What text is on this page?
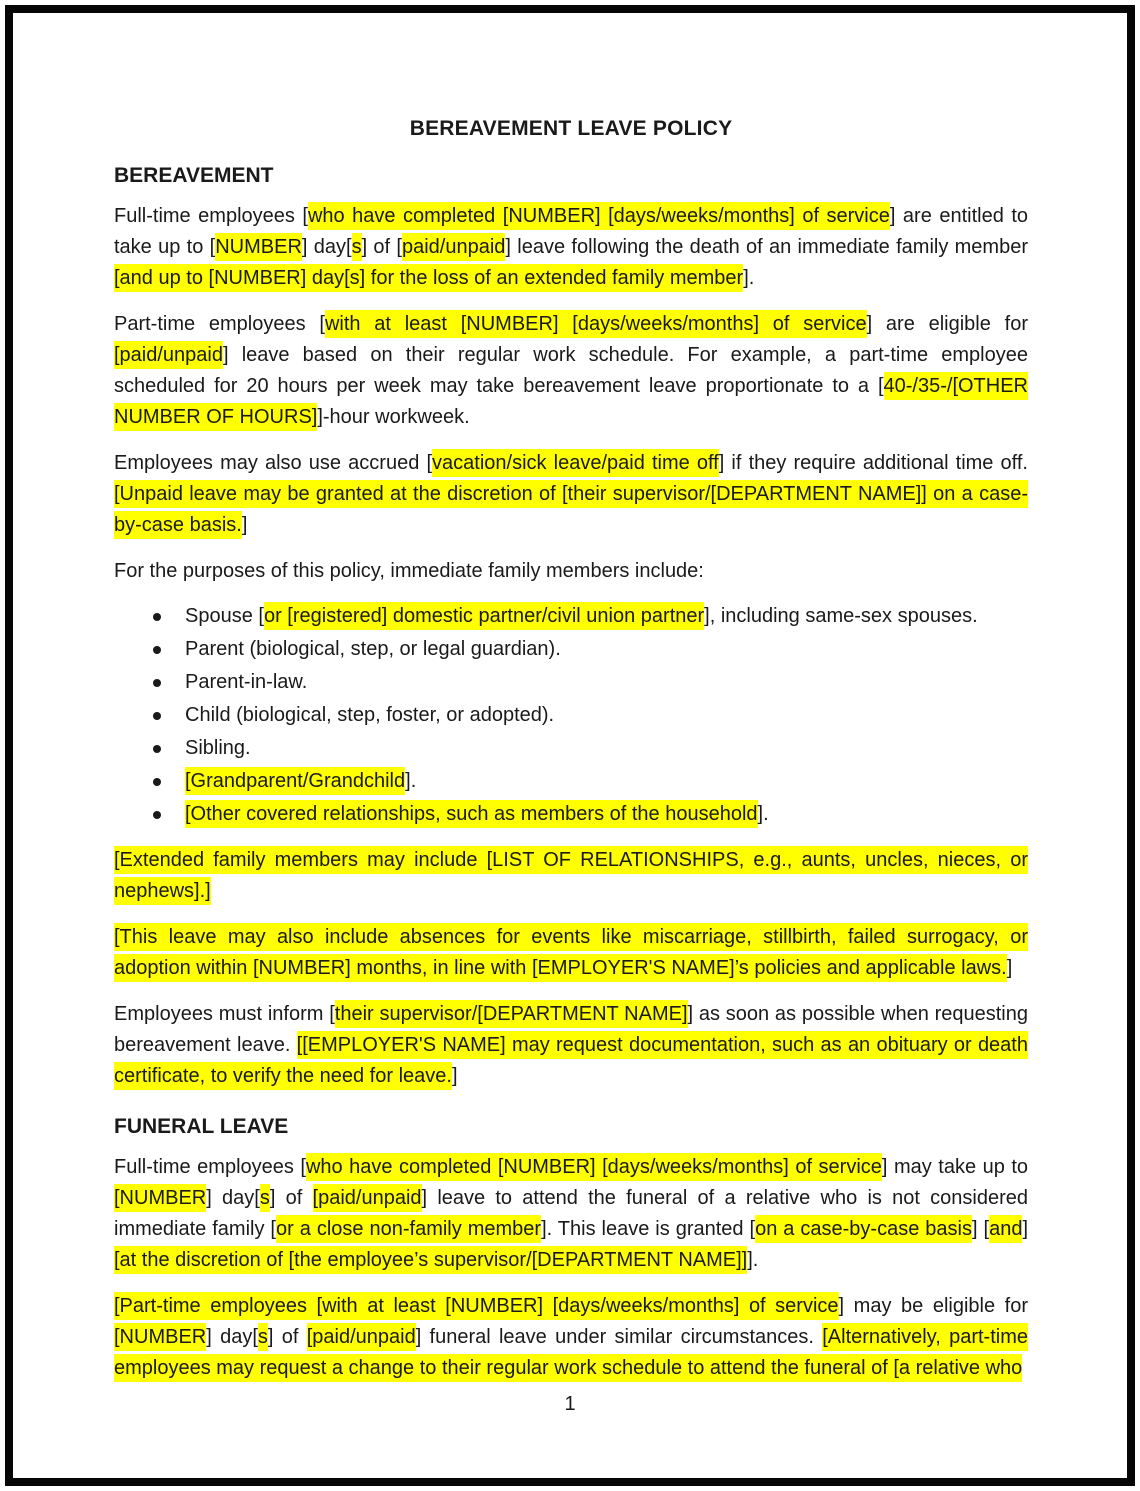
BEREAVEMENT LEAVE POLICY
BEREAVEMENT

Full-time employees [who have completed [NUMBER] [days/weeks/months] of service] are entitled to take up to [NUMBER] day[s] of [paid/unpaid] leave following the death of an immediate family member [and up to [NUMBER] day[s] for the loss of an extended family member].

Part-time employees [with at least [NUMBER] [days/weeks/months] of service] are eligible for [paid/unpaid] leave based on their regular work schedule. For example, a part-time employee scheduled for 20 hours per week may take bereavement leave proportionate to a [40-/35-/[OTHER NUMBER OF HOURS]]-hour workweek.

Employees may also use accrued [vacation/sick leave/paid time off] if they require additional time off. [Unpaid leave may be granted at the discretion of [their supervisor/[DEPARTMENT NAME]] on a case-by-case basis.]

For the purposes of this policy, immediate family members include:

Spouse [or [registered] domestic partner/civil union partner], including same-sex spouses.
Parent (biological, step, or legal guardian).
Parent-in-law.
Child (biological, step, foster, or adopted).
Sibling.
[Grandparent/Grandchild].
[Other covered relationships, such as members of the household].

[Extended family members may include [LIST OF RELATIONSHIPS, e.g., aunts, uncles, nieces, or nephews].]

[This leave may also include absences for events like miscarriage, stillbirth, failed surrogacy, or adoption within [NUMBER] months, in line with [EMPLOYER'S NAME]’s policies and applicable laws.]

Employees must inform [their supervisor/[DEPARTMENT NAME]] as soon as possible when requesting bereavement leave. [[EMPLOYER'S NAME] may request documentation, such as an obituary or death certificate, to verify the need for leave.]

FUNERAL LEAVE

Full-time employees [who have completed [NUMBER] [days/weeks/months] of service] may take up to [NUMBER] day[s] of [paid/unpaid] leave to attend the funeral of a relative who is not considered immediate family [or a close non-family member]. This leave is granted [on a case-by-case basis] [and] [at the discretion of [the employee’s supervisor/[DEPARTMENT NAME]]].

[Part-time employees [with at least [NUMBER] [days/weeks/months] of service] may be eligible for [NUMBER] day[s] of [paid/unpaid] funeral leave under similar circumstances. [Alternatively, part-time employees may request a change to their regular work schedule to attend the funeral of [a relative who

1
